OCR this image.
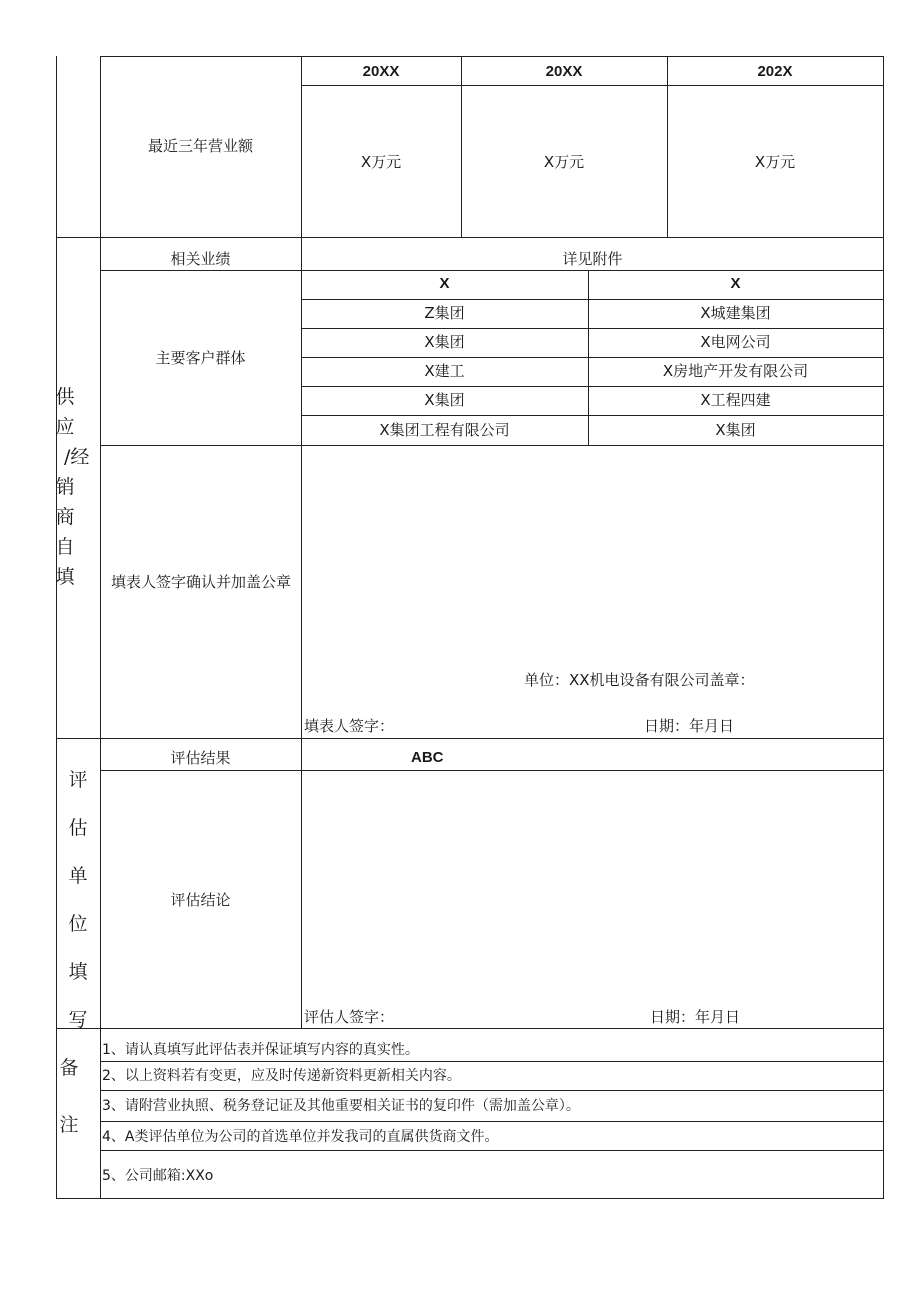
最近三年营业额
20XX	20XX	202X
X万元	X万元	X万元
供
应
/经
销
商
自
填
相关业绩	详见附件
主要客户群体
X	X
Z集团	X城建集团
X集团	X电网公司
X建工	X房地产开发有限公司
X集团	X工程四建
X集团工程有限公司	X集团
填表人签字确认并加盖公章
单位：XX机电设备有限公司盖章：
填表人签字：	日期：年月日
评
估
单
位
填
写
评估结果	ABC
评估结论
评估人签字：	日期：年月日
备
注
1、请认真填写此评估表并保证填写内容的真实性。
2、以上资料若有变更，应及时传递新资料更新相关内容。
3、请附营业执照、税务登记证及其他重要相关证书的复印件（需加盖公章）。
4、A类评估单位为公司的首选单位并发我司的直属供货商文件。
5、公司邮箱:XXo
